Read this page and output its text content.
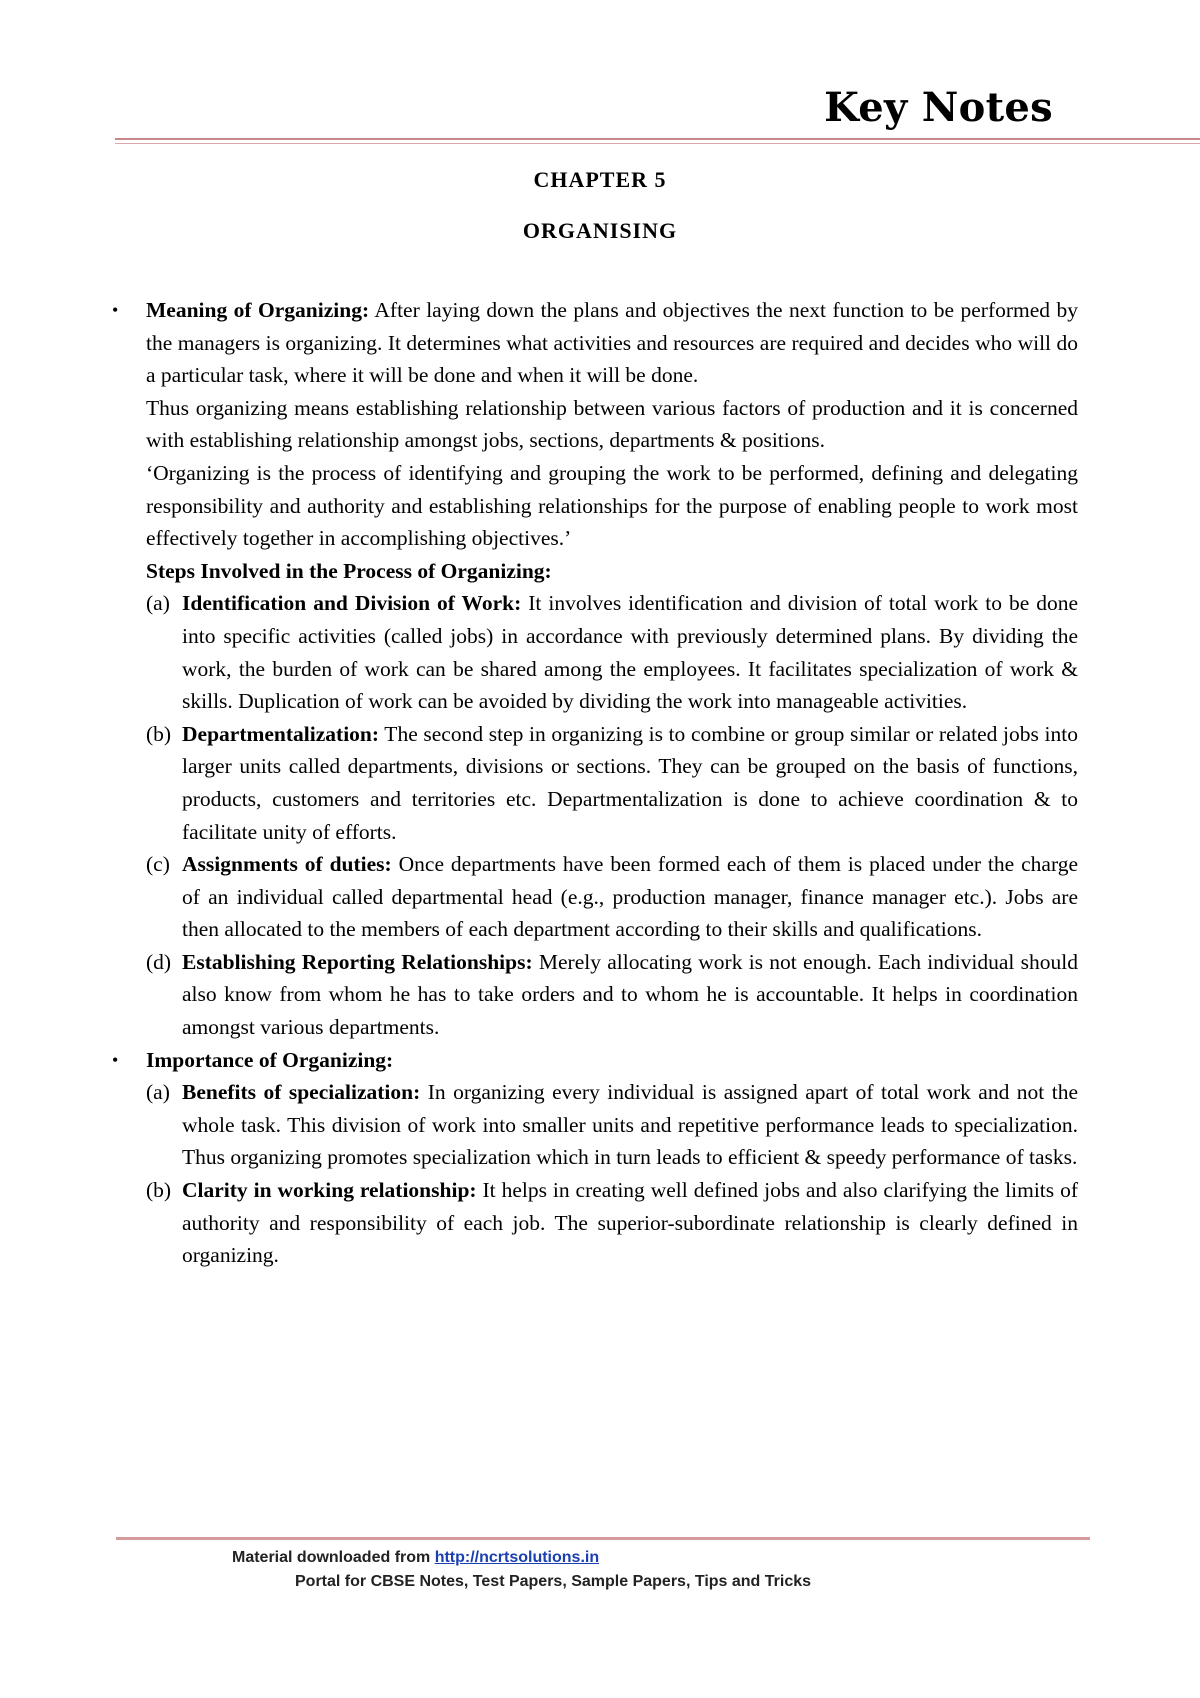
Key Notes
CHAPTER 5
ORGANISING
•	Meaning of Organizing: After laying down the plans and objectives the next function to be performed by the managers is organizing. It determines what activities and resources are required and decides who will do a particular task, where it will be done and when it will be done.

Thus organizing means establishing relationship between various factors of production and it is concerned with establishing relationship amongst jobs, sections, departments & positions.

‘Organizing is the process of identifying and grouping the work to be performed, defining and delegating responsibility and authority and establishing relationships for the purpose of enabling people to work most effectively together in accomplishing objectives.’

Steps Involved in the Process of Organizing:

(a) Identification and Division of Work: It involves identification and division of total work to be done into specific activities (called jobs) in accordance with previously determined plans. By dividing the work, the burden of work can be shared among the employees. It facilitates specialization of work & skills. Duplication of work can be avoided by dividing the work into manageable activities.

(b) Departmentalization: The second step in organizing is to combine or group similar or related jobs into larger units called departments, divisions or sections. They can be grouped on the basis of functions, products, customers and territories etc. Departmentalization is done to achieve coordination & to facilitate unity of efforts.

(c) Assignments of duties: Once departments have been formed each of them is placed under the charge of an individual called departmental head (e.g., production manager, finance manager etc.). Jobs are then allocated to the members of each department according to their skills and qualifications.

(d) Establishing Reporting Relationships: Merely allocating work is not enough. Each individual should also know from whom he has to take orders and to whom he is accountable. It helps in coordination amongst various departments.

•	Importance of Organizing:

(a) Benefits of specialization: In organizing every individual is assigned apart of total work and not the whole task. This division of work into smaller units and repetitive performance leads to specialization. Thus organizing promotes specialization which in turn leads to efficient & speedy performance of tasks.

(b) Clarity in working relationship: It helps in creating well defined jobs and also clarifying the limits of authority and responsibility of each job. The superior-subordinate relationship is clearly defined in organizing.

Material downloaded from http://ncrtsolutions.in
Portal for CBSE Notes, Test Papers, Sample Papers, Tips and Tricks
